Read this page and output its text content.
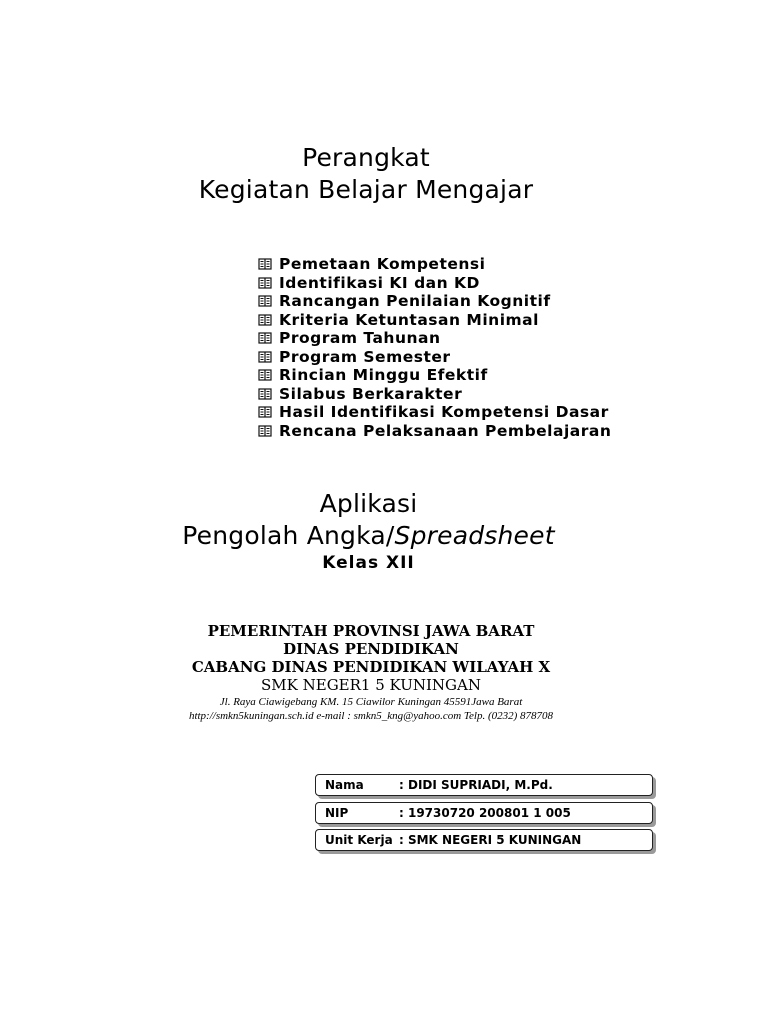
Perangkat
Kegiatan Belajar Mengajar
Pemetaan Kompetensi
Identifikasi KI dan KD
Rancangan Penilaian Kognitif
Kriteria Ketuntasan Minimal
Program Tahunan
Program Semester
Rincian Minggu Efektif
Silabus Berkarakter
Hasil Identifikasi Kompetensi Dasar
Rencana Pelaksanaan Pembelajaran
Aplikasi
Pengolah Angka/Spreadsheet
Kelas XII
PEMERINTAH PROVINSI JAWA BARAT
DINAS PENDIDIKAN
CABANG DINAS PENDIDIKAN WILAYAH X
SMK NEGER1 5 KUNINGAN
Jl. Raya Ciawigebang KM. 15 Ciawilor Kuningan 45591Jawa Barat
http://smkn5kuningan.sch.id e-mail : smkn5_kng@yahoo.com Telp. (0232) 878708
Nama	: DIDI SUPRIADI, M.Pd.
NIP	: 19730720 200801 1 005
Unit Kerja : SMK NEGERI 5 KUNINGAN
